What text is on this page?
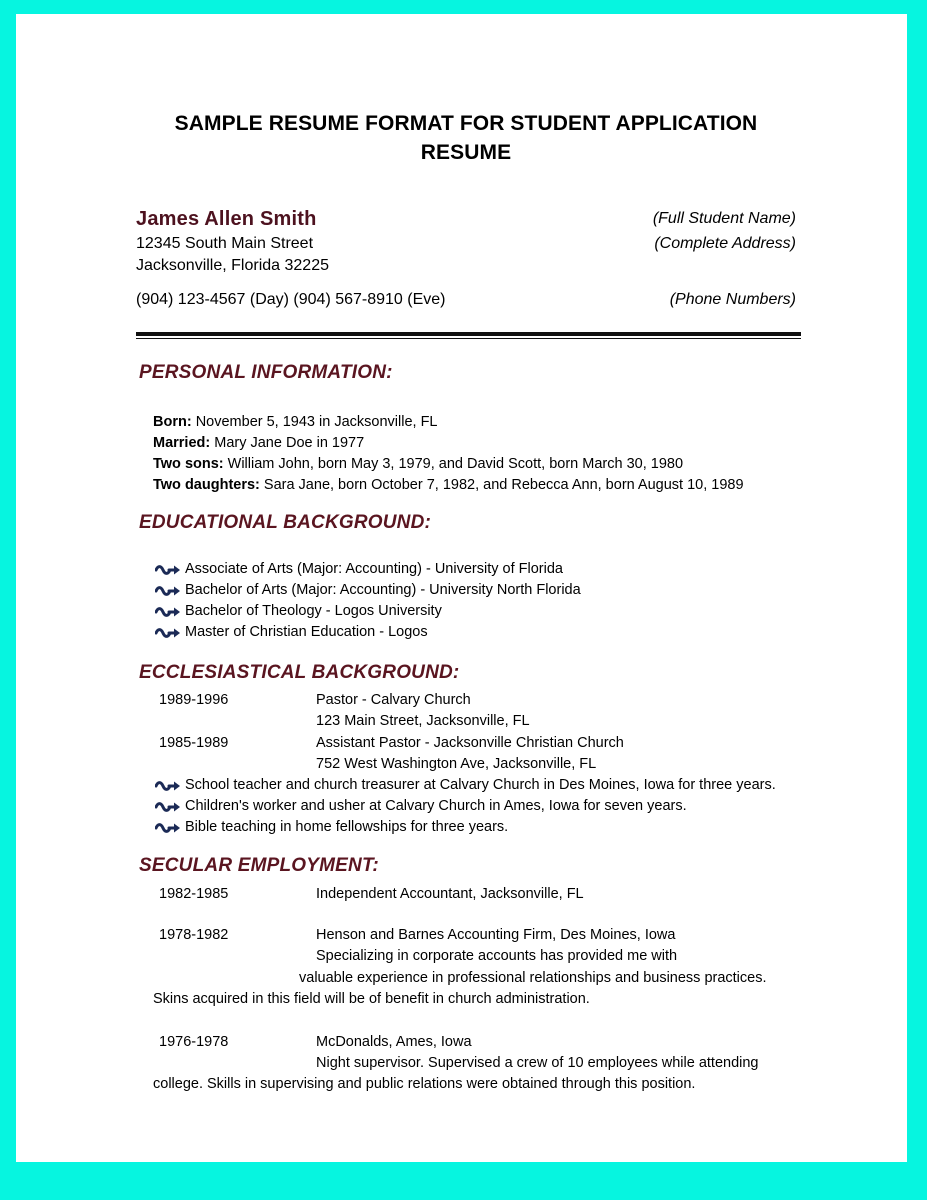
SAMPLE RESUME FORMAT FOR STUDENT APPLICATION
RESUME
James Allen Smith	(Full Student Name)
12345 South Main Street	(Complete Address)
Jacksonville, Florida 32225
(904) 123-4567 (Day) (904) 567-8910 (Eve)	(Phone Numbers)
PERSONAL INFORMATION:
Born: November 5, 1943 in Jacksonville, FL
Married: Mary Jane Doe in 1977
Two sons: William John, born May 3, 1979, and David Scott, born March 30, 1980
Two daughters: Sara Jane, born October 7, 1982, and Rebecca Ann, born August 10, 1989
EDUCATIONAL BACKGROUND:
Associate of Arts (Major: Accounting) - University of Florida
Bachelor of Arts (Major: Accounting) - University North Florida
Bachelor of Theology - Logos University
Master of Christian Education - Logos
ECCLESIASTICAL BACKGROUND:
1989-1996	Pastor - Calvary Church
123 Main Street, Jacksonville, FL
1985-1989	Assistant Pastor - Jacksonville Christian Church
752 West Washington Ave, Jacksonville, FL
School teacher and church treasurer at Calvary Church in Des Moines, Iowa for three years.
Children's worker and usher at Calvary Church in Ames, Iowa for seven years.
Bible teaching in home fellowships for three years.
SECULAR EMPLOYMENT:
1982-1985	Independent Accountant, Jacksonville, FL
1978-1982	Henson and Barnes Accounting Firm, Des Moines, Iowa
Specializing in corporate accounts has provided me with
valuable experience in professional relationships and business practices.
Skins acquired in this field will be of benefit in church administration.
1976-1978	McDonalds, Ames, Iowa
Night supervisor. Supervised a crew of 10 employees while attending
college. Skills in supervising and public relations were obtained through this position.
